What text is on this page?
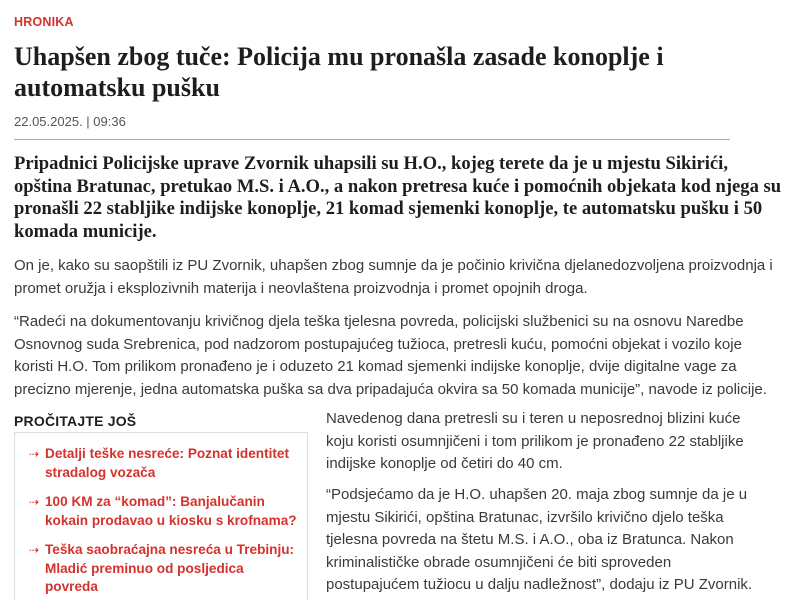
HRONIKA
Uhapšen zbog tuče: Policija mu pronašla zasade konoplje i automatsku pušku
22.05.2025. | 09:36

Pripadnici Policijske uprave Zvornik uhapsili su H.O., kojeg terete da je u mjestu Sikirići, opština Bratunac, pretukao M.S. i A.O., a nakon pretresa kuće i pomoćnih objekata kod njega su pronašli 22 stabljike indijske konoplje, 21 komad sjemenki konoplje, te automatsku pušku i 50 komada municije.

On je, kako su saopštili iz PU Zvornik, uhapšen zbog sumnje da je počinio krivična djelanedozvoljena proizvodnja i promet oružja i eksplozivnih materija i neovlaštena proizvodnja i promet opojnih droga.

“Radeći na dokumentovanju krivičnog djela teška tjelesna povreda, policijski službenici su na osnovu Naredbe Osnovnog suda Srebrenica, pod nadzorom postupajućeg tužioca, pretresli kuću, pomoćni objekat i vozilo koje koristi H.O. Tom prilikom pronađeno je i oduzeto 21 komad sjemenki indijske konoplje, dvije digitalne vage za precizno mjerenje, jedna automatska puška sa dva pripadajuća okvira sa 50 komada municije”, navode iz policije.

PROČITAJTE JOŠ
⇢ Detalji teške nesreće: Poznat identitet stradalog vozača
⇢ 100 KM za “komad”: Banjalučanin kokain prodavao u kiosku s krofnama?
⇢ Teška saobraćajna nesreća u Trebinju: Mladić preminuo od posljedica povreda

Navedenog dana pretresli su i teren u neposrednoj blizini kuće koju koristi osumnjičeni i tom prilikom je pronađeno 22 stabljike indijske konoplje od četiri do 40 cm.

“Podsjećamo da je H.O. uhapšen 20. maja zbog sumnje da je u mjestu Sikirići, opština Bratunac, izvršilo krivično djelo teška tjelesna povreda na štetu M.S. i A.O., oba iz Bratunca. Nakon kriminalističke obrade osumnjičeni će biti sproveden postupajućem tužiocu u dalju nadležnost”, dodaju iz PU Zvornik.
